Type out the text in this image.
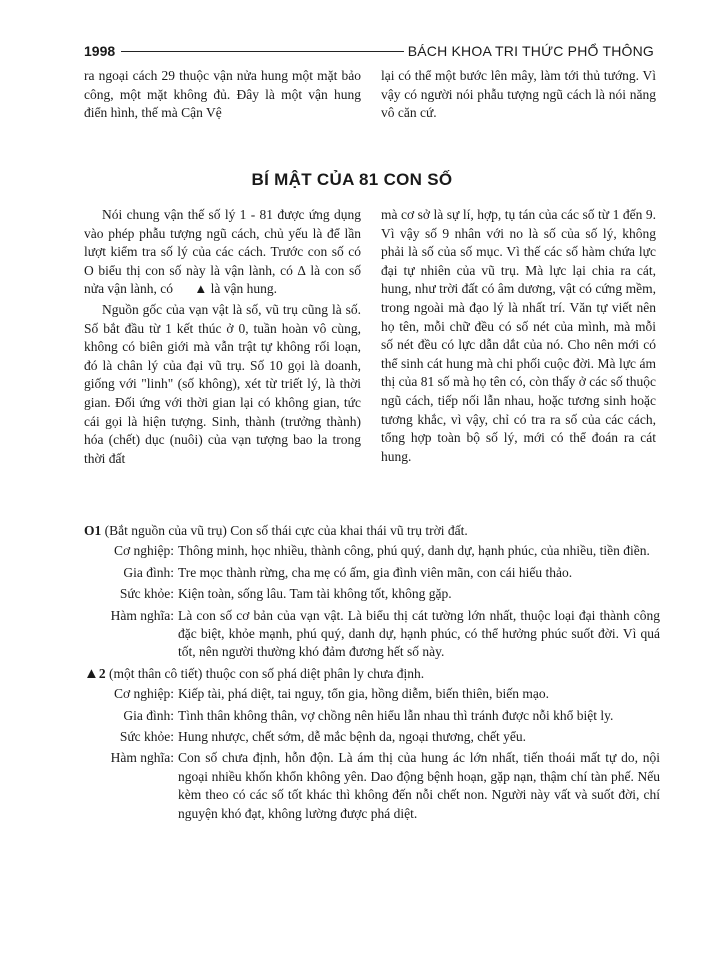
1998	BÁCH KHOA TRI THỨC PHỔ THÔNG

ra ngoại cách 29 thuộc vận nửa hung một mặt bảo công, một mặt không đủ. Đây là một vận hung điển hình, thế mà Cận Vệ

lại có thể một bước lên mây, làm tới thủ tướng. Vì vậy có người nói phẫu tượng ngũ cách là nói năng vô căn cứ.

BÍ MẬT CỦA 81 CON SỐ

Nói chung vận thế số lý 1 - 81 được ứng dụng vào phép phẫu tượng ngũ cách, chủ yếu là để lần lượt kiểm tra số lý của các cách. Trước con số có O biểu thị con số này là vận lành, có ∆ là con số nửa vận lành, có ▲ là vận hung.

Nguồn gốc của vạn vật là số, vũ trụ cũng là số. Số bắt đầu từ 1 kết thúc ở 0, tuần hoàn vô cùng, không có biên giới mà vẫn trật tự không rối loạn, đó là chân lý của đại vũ trụ. Số 10 gọi là doanh, giống với "linh" (số không), xét từ triết lý, là thời gian. Đối ứng với thời gian lại có không gian, tức cái gọi là hiện tượng. Sinh, thành (trưởng thành) hóa (chết) dục (nuôi) của vạn tượng bao la trong thời đất

mà cơ sở là sự lí, hợp, tụ tán của các số từ 1 đến 9. Vì vậy số 9 nhân với no là số của số lý, không phải là số của số mục. Vì thế các số hàm chứa lực đại tự nhiên của vũ trụ. Mà lực lại chia ra cát, hung, như trời đất có âm dương, vật có cứng mềm, trong ngoài mà đạo lý là nhất trí. Văn tự viết nên họ tên, mỗi chữ đều có số nét của mình, mà mỗi số nét đều có lực dẫn dắt của nó. Cho nên mới có thể sinh cát hung mà chi phối cuộc đời. Mà lực ám thị của 81 số mà họ tên có, còn thấy ở các số thuộc ngũ cách, tiếp nối lẫn nhau, hoặc tương sinh hoặc tương khắc, vì vậy, chỉ có tra ra số của các cách, tổng hợp toàn bộ số lý, mới có thể đoán ra cát hung.

O1 (Bắt nguồn của vũ trụ) Con số thái cực của khai thái vũ trụ trời đất.

Cơ nghiệp: Thông minh, học nhiều, thành công, phú quý, danh dự, hạnh phúc, của nhiều, tiền điền.
Gia đình: Tre mọc thành rừng, cha mẹ có ấm, gia đình viên mãn, con cái hiếu thảo.
Sức khỏe: Kiện toàn, sống lâu. Tam tài không tốt, không gặp.
Hàm nghĩa: Là con số cơ bản của vạn vật. Là biểu thị cát tường lớn nhất, thuộc loại đại thành công đặc biệt, khỏe mạnh, phú quý, danh dự, hạnh phúc, có thể hưởng phúc suốt đời. Vì quá tốt, nên người thường khó đảm đương hết số này.

▲2 (một thân cô tiết) thuộc con số phá diệt phân ly chưa định.

Cơ nghiệp: Kiếp tài, phá diệt, tai nguy, tổn gia, hồng diễm, biến thiên, biến mạo.
Gia đình: Tình thân không thân, vợ chồng nên hiểu lẫn nhau thì tránh được nỗi khổ biệt ly.
Sức khỏe: Hung nhược, chết sớm, dễ mắc bệnh da, ngoại thương, chết yểu.
Hàm nghĩa: Con số chưa định, hỗn độn. Là ám thị của hung ác lớn nhất, tiến thoái mất tự do, nội ngoại nhiều khốn khổn không yên. Dao động bệnh hoạn, gặp nạn, thậm chí tàn phế. Nếu kèm theo có các số tốt khác thì không đến nỗi chết non. Người này vất và suốt đời, chí nguyện khó đạt, không lường được phá diệt.
